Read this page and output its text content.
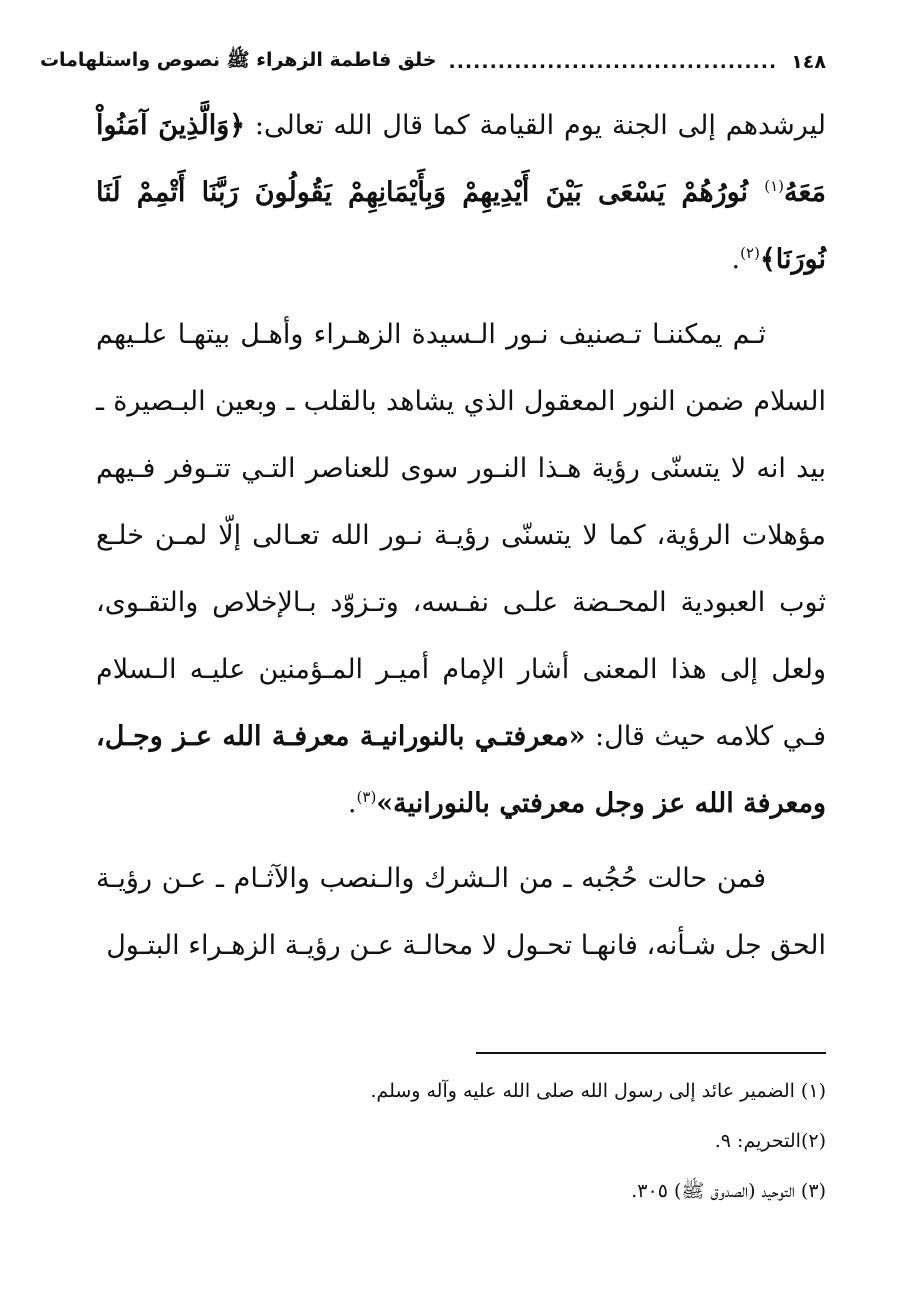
١٤٨
........................................
خلق فاطمة الزهراء ﷺ نصوص واستلهامات

ليرشدهم إلى الجنة يوم القيامة كما قال الله تعالى: ﴿وَالَّذِينَ آمَنُواْ مَعَهُ$^{(١)}$ نُورُهُمْ يَسْعَى بَيْنَ أَيْدِيهِمْ وَبِأَيْمَانِهِمْ يَقُولُونَ رَبَّنَا أَتْمِمْ لَنَا نُورَنَا﴾$^{(٢)}$.

ثـم يمكننـا تـصنيف نـور الـسيدة الزهـراء وأهـل بيتهـا علـيهم السلام ضمن النور المعقول الذي يشاهد بالقلب ـ وبعين البـصيرة ـ بيد انه لا يتسنّى رؤية هـذا النـور سوى للعناصر التـي تتـوفر فـيهم مؤهلات الرؤية، كما لا يتسنّى رؤيـة نـور الله تعـالى إلّا لمـن خلـع ثوب العبودية المحـضة علـى نفـسه، وتـزوّد بـالإخلاص والتقـوى، ولعل إلى هذا المعنى أشار الإمام أميـر المـؤمنين عليـه الـسلام فـي كلامه حيث قال: «معرفتـي بالنورانيـة معرفـة الله عـز وجـل، ومعرفة الله عز وجل معرفتي بالنورانية»$^{(٣)}$.

فمن حالت حُجُبه ـ من الـشرك والـنصب والآثـام ـ عـن رؤيـة الحق جل شـأنه، فانهـا تحـول لا محالـة عـن رؤيـة الزهـراء البتـول

(١) الضمير عائد إلى رسول الله صلى الله عليه وآله وسلم.

(٢)التحريم: ٩.

(٣) التوحيد (الصدوق ﷺ) ٣٠٥.
